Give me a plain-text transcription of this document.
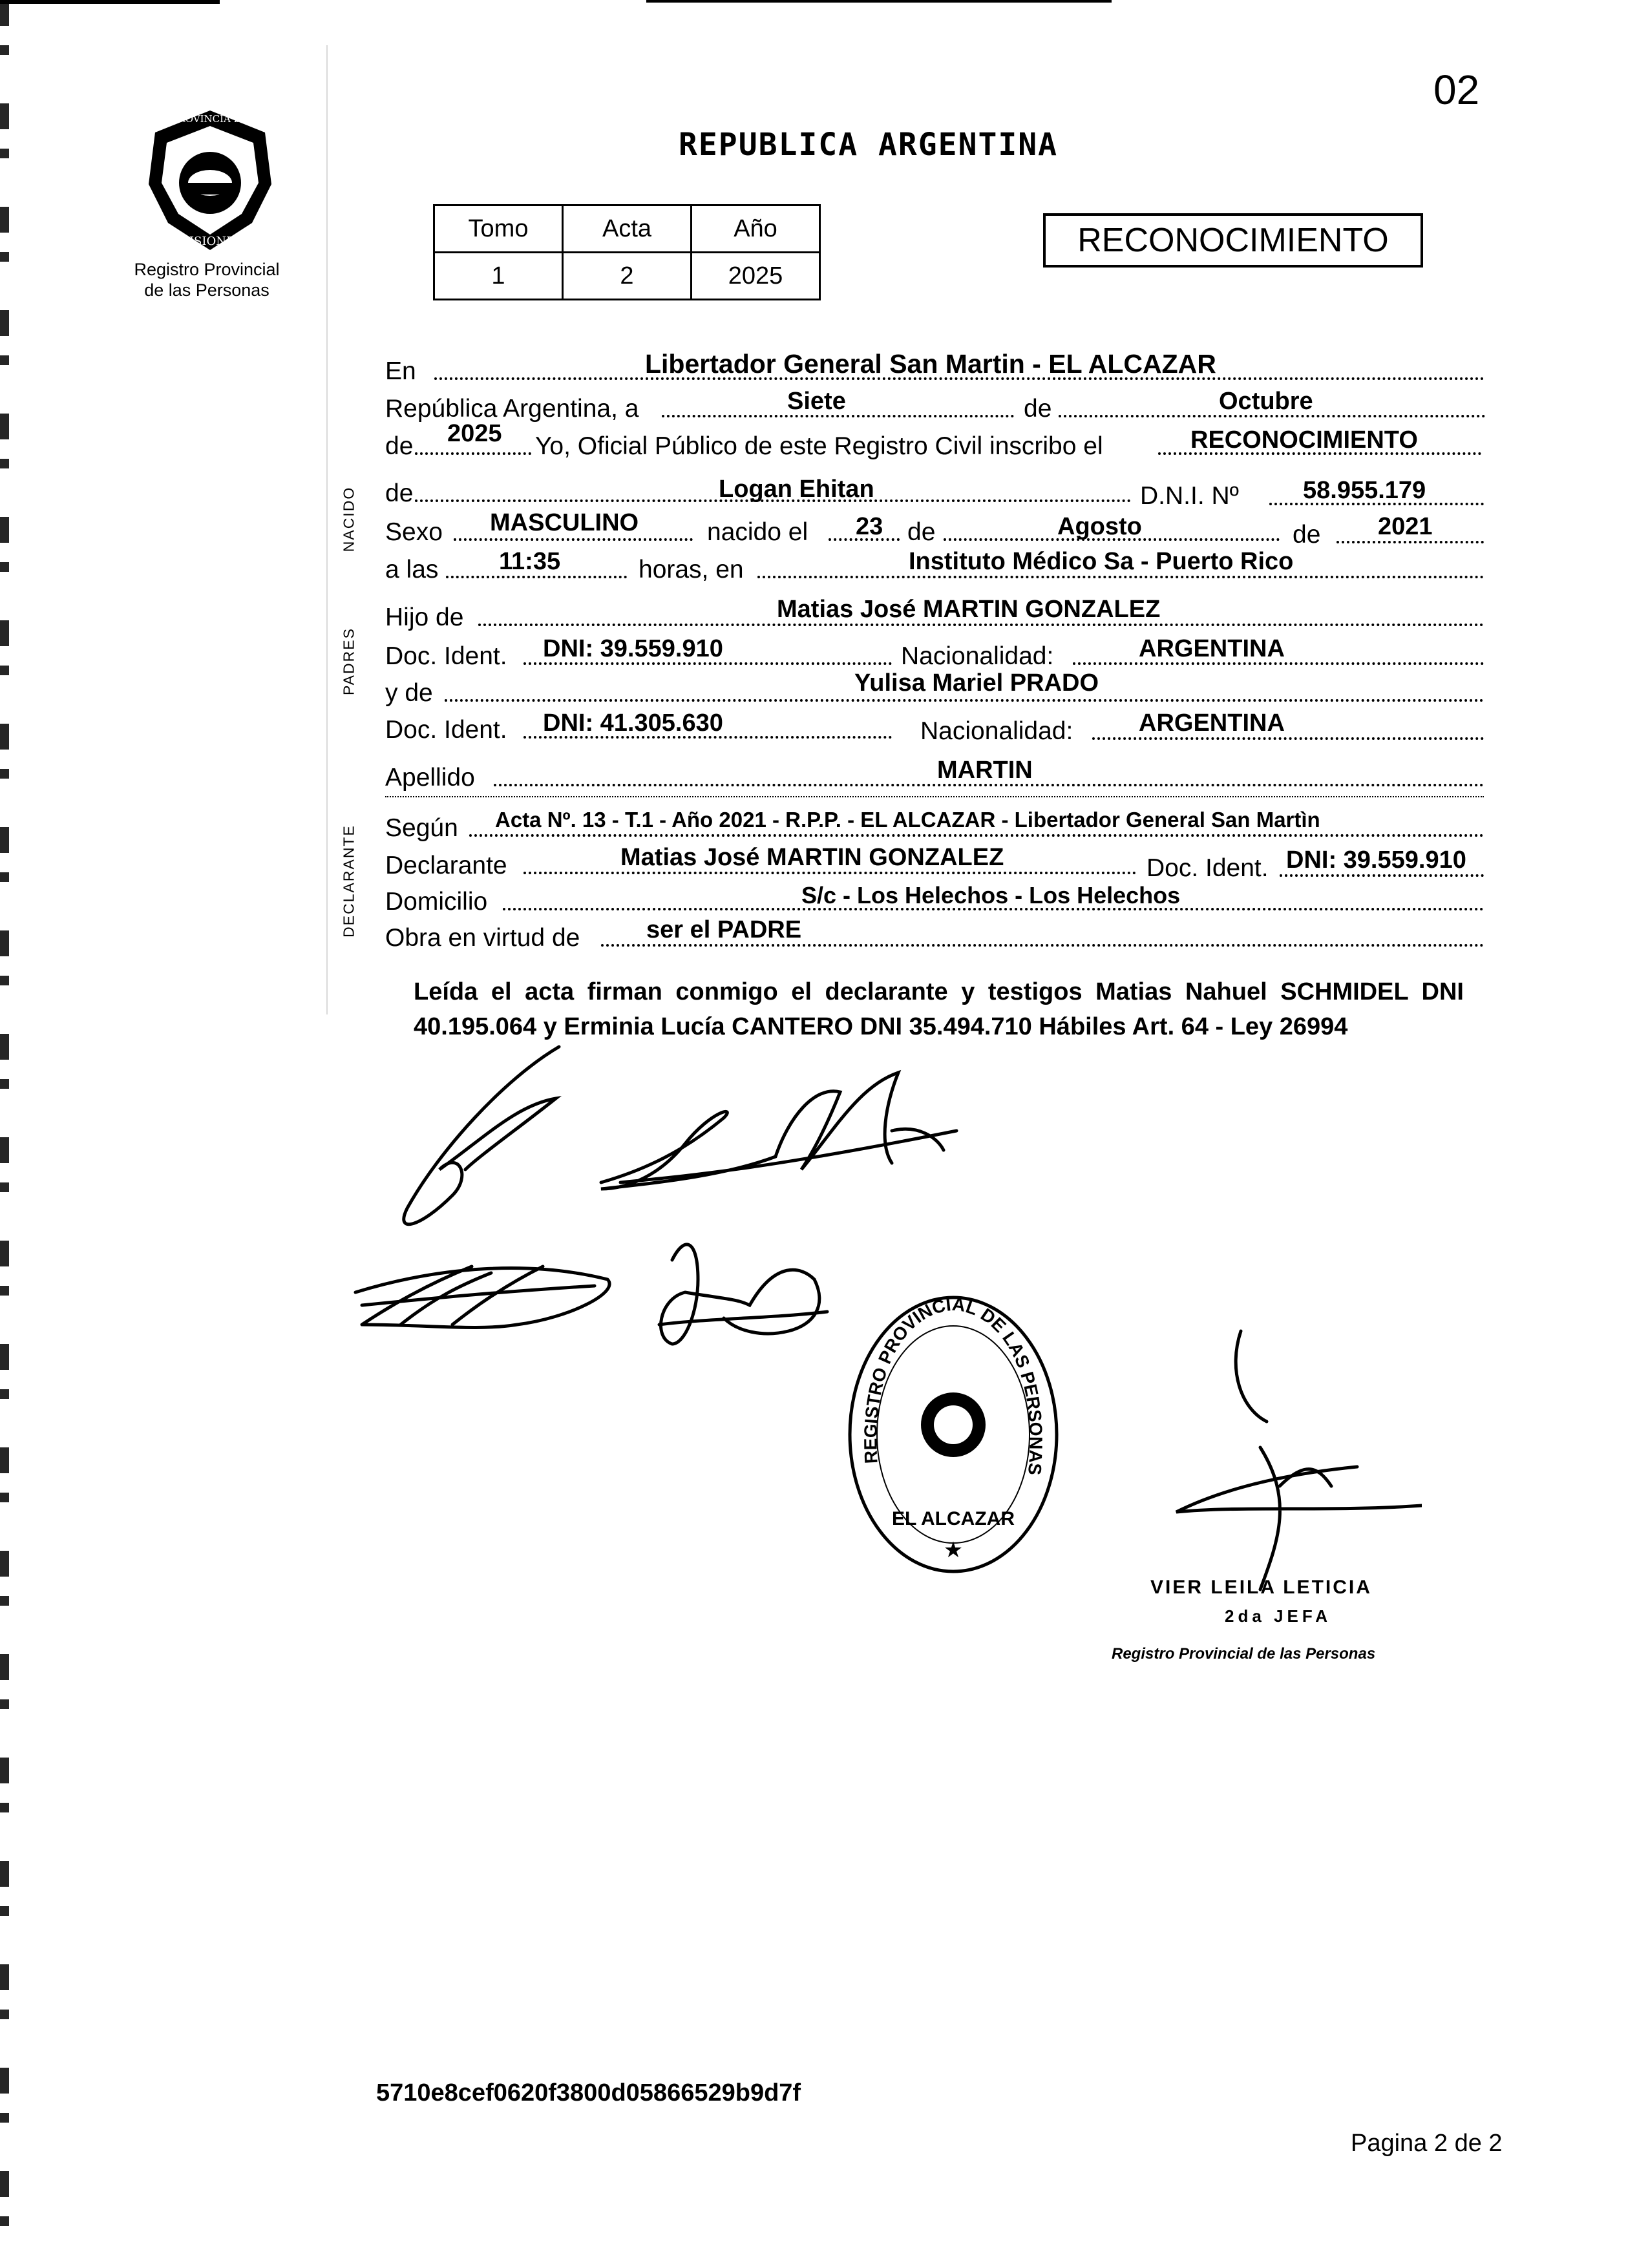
02
REPUBLICA ARGENTINA
PROVINCIA DE
MISIONES
Registro Provincial
de las Personas
Tomo	Acta	Año
1	2	2025
RECONOCIMIENTO
NACIDO
PADRES
DECLARANTE
En	Libertador General San Martin - EL ALCAZAR
República Argentina, a	Siete	de	Octubre
de 2025 Yo, Oficial Público de este Registro Civil inscribo el	RECONOCIMIENTO
de	Logan Ehitan	D.N.I. Nº	58.955.179
Sexo MASCULINO	nacido el 23 de	Agosto	de 2021
a las 11:35	horas, en	Instituto Médico Sa - Puerto Rico
Hijo de	Matias José MARTIN GONZALEZ
Doc. Ident. DNI: 39.559.910	Nacionalidad:	ARGENTINA
y de	Yulisa Mariel PRADO
Doc. Ident. DNI: 41.305.630	Nacionalidad:	ARGENTINA
Apellido	MARTIN
Según Acta Nº. 13 - T.1 - Año 2021 - R.P.P. - EL ALCAZAR - Libertador General San Martìn
Declarante	Matias José MARTIN GONZALEZ	Doc. Ident. DNI: 39.559.910
Domicilio	S/c - Los Helechos - Los Helechos
Obra en virtud de	ser el PADRE
Leída el acta firman conmigo el declarante y testigos Matias Nahuel SCHMIDEL DNI 40.195.064 y Erminia Lucía CANTERO DNI 35.494.710 Hábiles Art. 64 - Ley 26994
REGISTRO PROVINCIAL DE LAS PERSONAS
EL ALCAZAR
★
VIER LEILA LETICIA
2da JEFA
Registro Provincial de las Personas
5710e8cef0620f3800d05866529b9d7f
Pagina 2 de 2
